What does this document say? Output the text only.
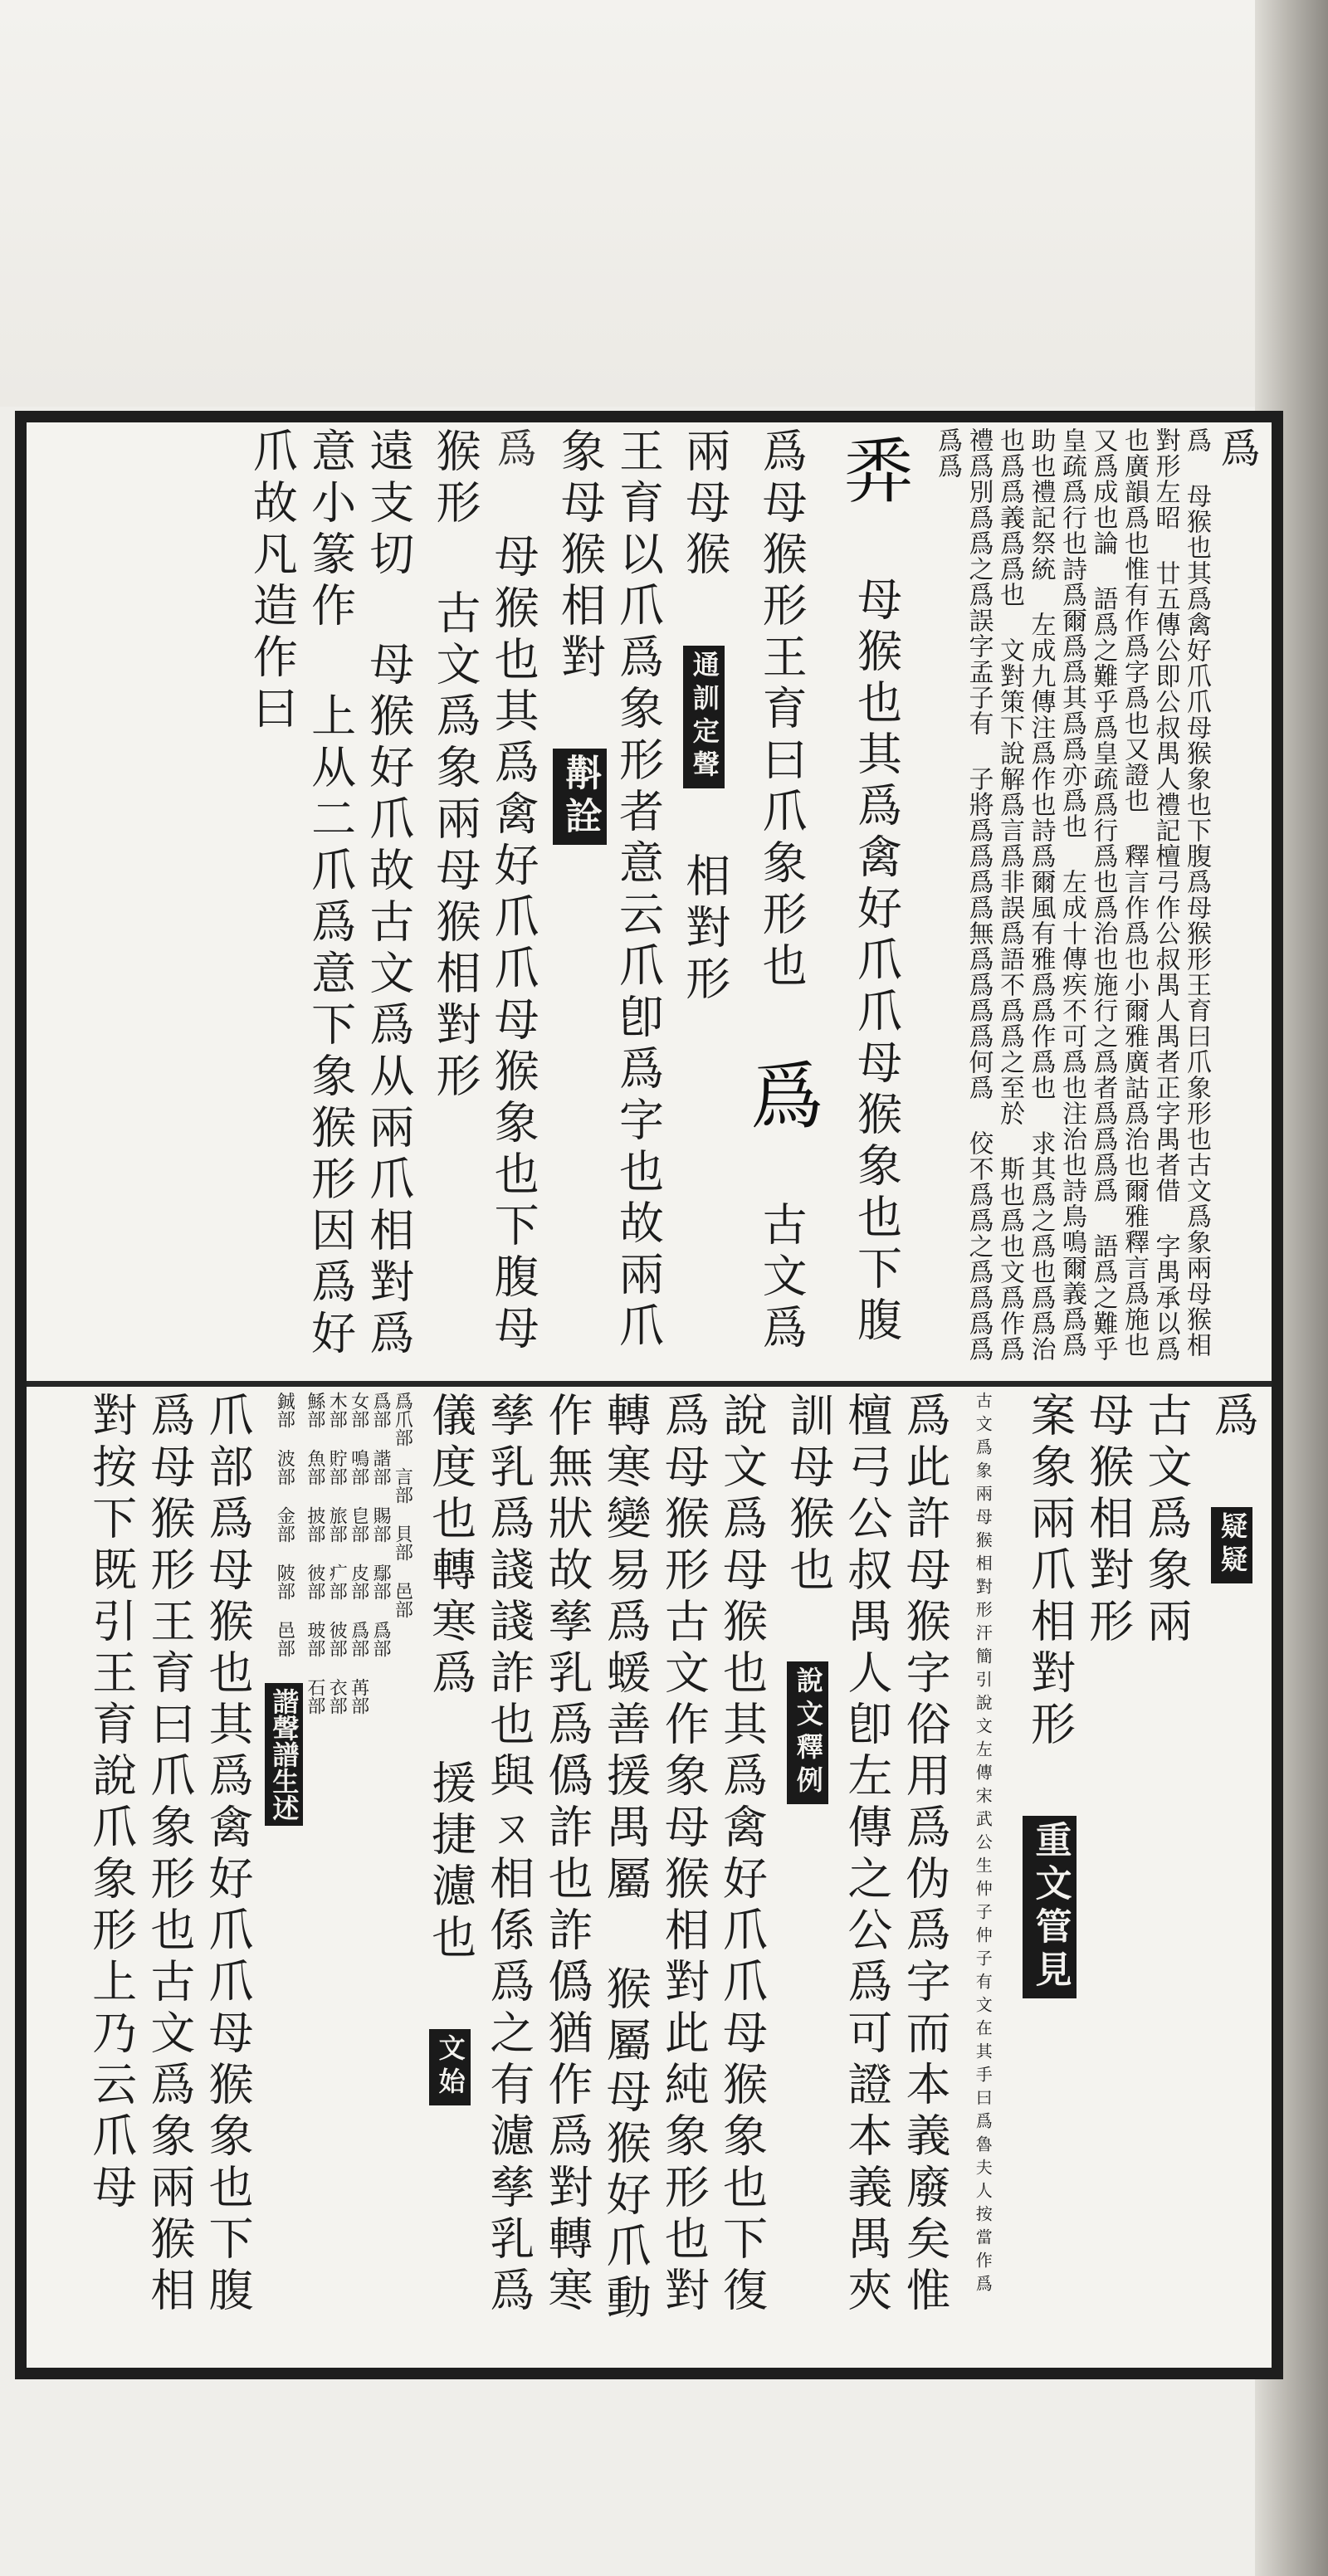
爲
爲 母猴也其爲禽好爪爪母猴象也下腹爲母猴形王育曰爪象形也古文爲象兩母猴相對形左昭 廿五傳公即公叔禺人禮記檀弓作公叔禺人禺者正字禺者借 字禺承以爲也廣韻爲也惟有作爲字爲也又證也 釋言作爲也小爾雅廣詁爲治也爾雅釋言爲施也又爲成也論 語爲之難乎爲皇疏爲行爲也爲治也施行之爲者爲爲爲爲 語爲之難乎皇疏爲行也詩爲爾爲爲其爲爲亦爲也 左成十傳疾不可爲也注治也詩鳥鳴爾義爲爲助也禮記祭統 左成九傳注爲作也詩爲爾風有雅爲爲作爲也 求其爲之爲也爲爲治也爲爲義爲爲也 文對策下說解爲言爲非誤爲語不爲爲之至於 斯也爲也文爲作爲禮爲別爲爲之爲誤字孟子有 子將爲爲爲爲無爲爲爲爲何爲 佼不爲爲之爲爲爲爲爲爲
𢍏 母猴也其爲禽好爪爪母猴象也下腹爲母猴形王育曰爪象形也 爲 古文爲兩母猴 通訓定聲 相對形
王育以爪爲象形者意云爪卽爲字也故兩爪象母猴相對 斠詮
爲 母猴也其爲禽好爪爪母猴象也下腹母猴形 古文爲象兩母猴相對形
遠支切 母猴好爪故古文爲从兩爪相對爲意小篆作 上从二爪爲意下象猴形因爲好爪故凡造作曰
爲 疑疑
古文爲象兩
母猴相對形
案象兩爪相對形 重文管見
古文爲象兩母猴相對形汗簡引說文左傳宋武公生仲子仲子有文在其手曰爲魯夫人按當作爲 爲此許母猴字俗用爲伪爲字而本義廢矣惟檀弓公叔禺人卽左傳之公爲可證本義禺夾訓母猴也 說文釋例
說文爲母猴也其爲禽好爪爪母猴象也下復爲母猴形古文作象母猴相對此純象形也對轉寒變易爲蝯善援禺屬 猴屬母猴好爪動作無狀故孳乳爲僞詐也詐僞猶作爲對轉寒孳乳爲諓諓詐也與ㄡ相係爲之有濾孳乳爲儀度也轉寒爲 援捷濾也 文始
爲爪部 言部 貝部 邑部
爲部 諧部 賜部 鄢部 爲部
女部 鳴部 皀部 皮部 爲部 苒部
木部 貯部 旅部 疒部 彼部 衣部
鯀部 魚部 披部 彼部 玻部 石部
鋮部 波部 金部 陂部 邑部 諧聲譜生述
爪部爲母猴也其爲禽好爪爪母猴象也下腹爲母猴形王育曰爪象形也古文爲象兩猴相對按下既引王育說爪象形上乃云爪母
